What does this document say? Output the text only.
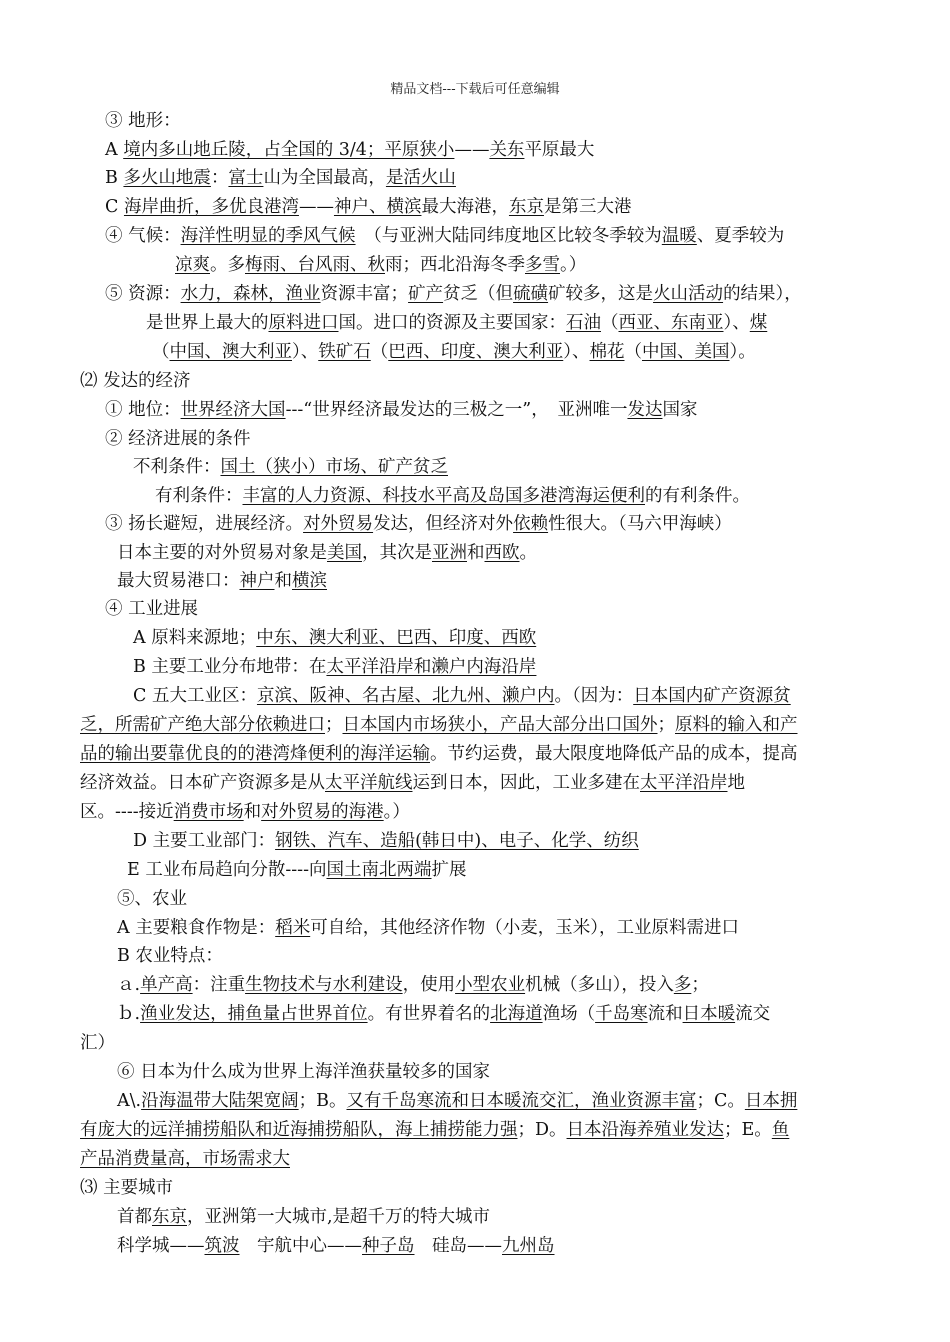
精品文档---下载后可任意编辑
③ 地形：
A 境内多山地丘陵，占全国的 3/4；平原狭小——关东平原最大
B 多火山地震：富士山为全国最高，是活火山
C 海岸曲折，多优良港湾——神户、横滨最大海港，东京是第三大港
④ 气候：海洋性明显的季风气候　（与亚洲大陆同纬度地区比较冬季较为温暖、夏季较为
凉爽。多梅雨、台风雨、秋雨；西北沿海冬季多雪。）
⑤ 资源：水力，森林，渔业资源丰富；矿产贫乏（但硫磺矿较多，这是火山活动的结果），
是世界上最大的原料进口国。进口的资源及主要国家：石油（西亚、东南亚）、煤
（中国、澳大利亚）、铁矿石（巴西、印度、澳大利亚）、棉花（中国、美国）。
⑵ 发达的经济
① 地位：世界经济大国---“世界经济最发达的三极之一”，　亚洲唯一发达国家
② 经济进展的条件
不利条件：国土（狭小）市场、矿产贫乏
有利条件：丰富的人力资源、科技水平高及岛国多港湾海运便利的有利条件。
③ 扬长避短，进展经济。对外贸易发达，但经济对外依赖性很大。（马六甲海峡）
日本主要的对外贸易对象是美国，其次是亚洲和西欧。
最大贸易港口：神户和横滨
④ 工业进展
A 原料来源地；中东、澳大利亚、巴西、印度、西欧
B 主要工业分布地带：在太平洋沿岸和濑户内海沿岸
C 五大工业区：京滨、阪神、名古屋、北九州、濑户内。（因为：日本国内矿产资源贫
乏，所需矿产绝大部分依赖进口；日本国内市场狭小，产品大部分出口国外；原料的输入和产
品的输出要靠优良的的港湾烽便利的海洋运输。节约运费，最大限度地降低产品的成本，提高
经济效益。日本矿产资源多是从太平洋航线运到日本，因此，工业多建在太平洋沿岸地
区。----接近消费市场和对外贸易的海港。）
D 主要工业部门：钢铁、汽车、造船(韩日中)、电子、化学、纺织
E 工业布局趋向分散----向国土南北两端扩展
⑤、农业
A 主要粮食作物是：稻米可自给，其他经济作物（小麦，玉米），工业原料需进口
B 农业特点：
ａ.单产高：注重生物技术与水利建设，使用小型农业机械（多山），投入多；
ｂ.渔业发达，捕鱼量占世界首位。有世界着名的北海道渔场（千岛寒流和日本暖流交
汇）
⑥ 日本为什么成为世界上海洋渔获量较多的国家
A\.沿海温带大陆架宽阔；B。又有千岛寒流和日本暖流交汇，渔业资源丰富；C。日本拥
有庞大的远洋捕捞船队和近海捕捞船队，海上捕捞能力强；D。日本沿海养殖业发达；E。鱼
产品消费量高，市场需求大
⑶ 主要城市
首都东京，亚洲第一大城市,是超千万的特大城市
科学城——筑波　宇航中心——种子岛　硅岛——九州岛
